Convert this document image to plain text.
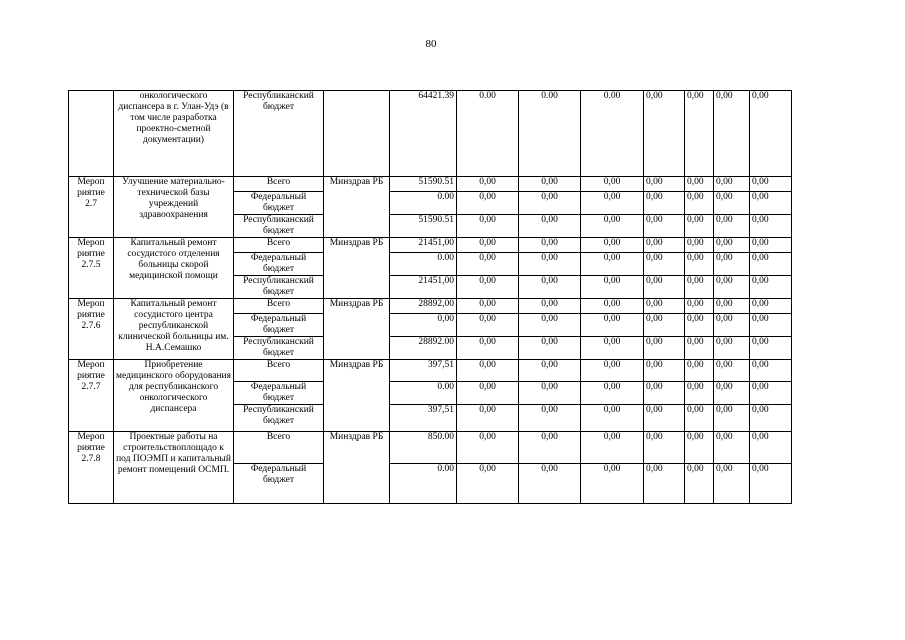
80
	онкологического диспансера в г. Улан-Удэ (в том числе разработка проектно-сметной документации)	Республиканский бюджет		64421.39	0.00	0.00	0.00	0,00	0,00	0,00	0,00
Мероп риятие 2.7	Улучшение материально-технической базы учреждений здравоохранения	Всего	Минздрав РБ	51590.51	0,00	0,00	0,00	0,00	0,00	0,00	0,00
		Федеральный бюджет		0.00	0,00	0,00	0,00	0,00	0,00	0,00	0,00
		Республиканский бюджет		51590.51	0,00	0,00	0,00	0,00	0,00	0,00	0,00
Мероп риятие 2.7.5	Капитальный ремонт сосудистого отделения больницы скорой медицинской помощи	Всего	Минздрав РБ	21451,00	0,00	0,00	0,00	0,00	0,00	0,00	0,00
		Федеральный бюджет		0.00	0,00	0,00	0,00	0,00	0,00	0,00	0,00
		Республиканский бюджет		21451,00	0,00	0,00	0,00	0,00	0,00	0,00	0,00
Мероп риятие 2.7.6	Капитальный ремонт сосудистого центра республиканской клинической больницы им. Н.А.Семашко	Всего	Минздрав РБ	28892,00	0,00	0,00	0,00	0,00	0,00	0,00	0,00
		Федеральный бюджет		0,00	0,00	0,00	0,00	0,00	0,00	0,00	0,00
		Республиканский бюджет		28892.00	0,00	0,00	0,00	0,00	0,00	0,00	0,00
Мероп риятие 2.7.7	Приобретение медицинского оборудования для республиканского онкологического диспансера	Всего	Минздрав РБ	397,51	0,00	0,00	0,00	0,00	0,00	0,00	0,00
		Федеральный бюджет		0.00	0,00	0,00	0,00	0,00	0,00	0,00	0,00
		Республиканский бюджет		397,51	0,00	0,00	0,00	0,00	0,00	0,00	0,00
Мероп риятие 2.7.8	Проектные работы на строительствоплощадо к под ПОЭМП и капитальный ремонт помещений ОСМП.	Всего	Минздрав РБ	850.00	0,00	0,00	0,00	0,00	0,00	0,00	0,00
		Федеральный бюджет		0.00	0,00	0,00	0,00	0,00	0,00	0,00	0,00
